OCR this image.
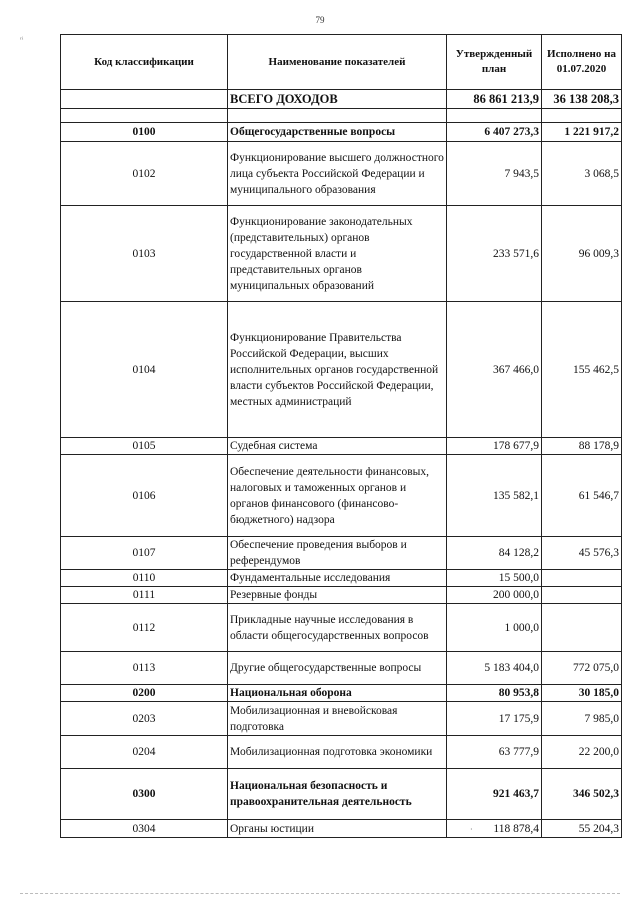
79
ᵣᵢ
Код классификации	Наименование показателей	Утвержденный план	Исполнено на 01.07.2020
	ВСЕГО ДОХОДОВ	86 861 213,9	36 138 208,3

0100	Общегосударственные вопросы	6 407 273,3	1 221 917,2
0102	Функционирование высшего должностного лица субъекта Российской Федерации и муниципального образования	7 943,5	3 068,5
0103	Функционирование законодательных (представительных) органов государственной власти и представительных органов муниципальных образований	233 571,6	96 009,3
0104	Функционирование Правительства Российской Федерации, высших исполнительных органов государственной власти субъектов Российской Федерации, местных администраций	367 466,0	155 462,5
0105	Судебная система	178 677,9	88 178,9
0106	Обеспечение деятельности финансовых, налоговых и таможенных органов и органов финансового (финансово-бюджетного) надзора	135 582,1	61 546,7
0107	Обеспечение проведения выборов и референдумов	84 128,2	45 576,3
0110	Фундаментальные исследования	15 500,0	
0111	Резервные фонды	200 000,0	
0112	Прикладные научные исследования в области общегосударственных вопросов	1 000,0	
0113	Другие общегосударственные вопросы	5 183 404,0	772 075,0
0200	Национальная оборона	80 953,8	30 185,0
0203	Мобилизационная и вневойсковая подготовка	17 175,9	7 985,0
0204	Мобилизационная подготовка экономики	63 777,9	22 200,0
0300	Национальная безопасность и правоохранительная деятельность	921 463,7	346 502,3
0304	Органы юстиции	118 878,4	55 204,3
·
